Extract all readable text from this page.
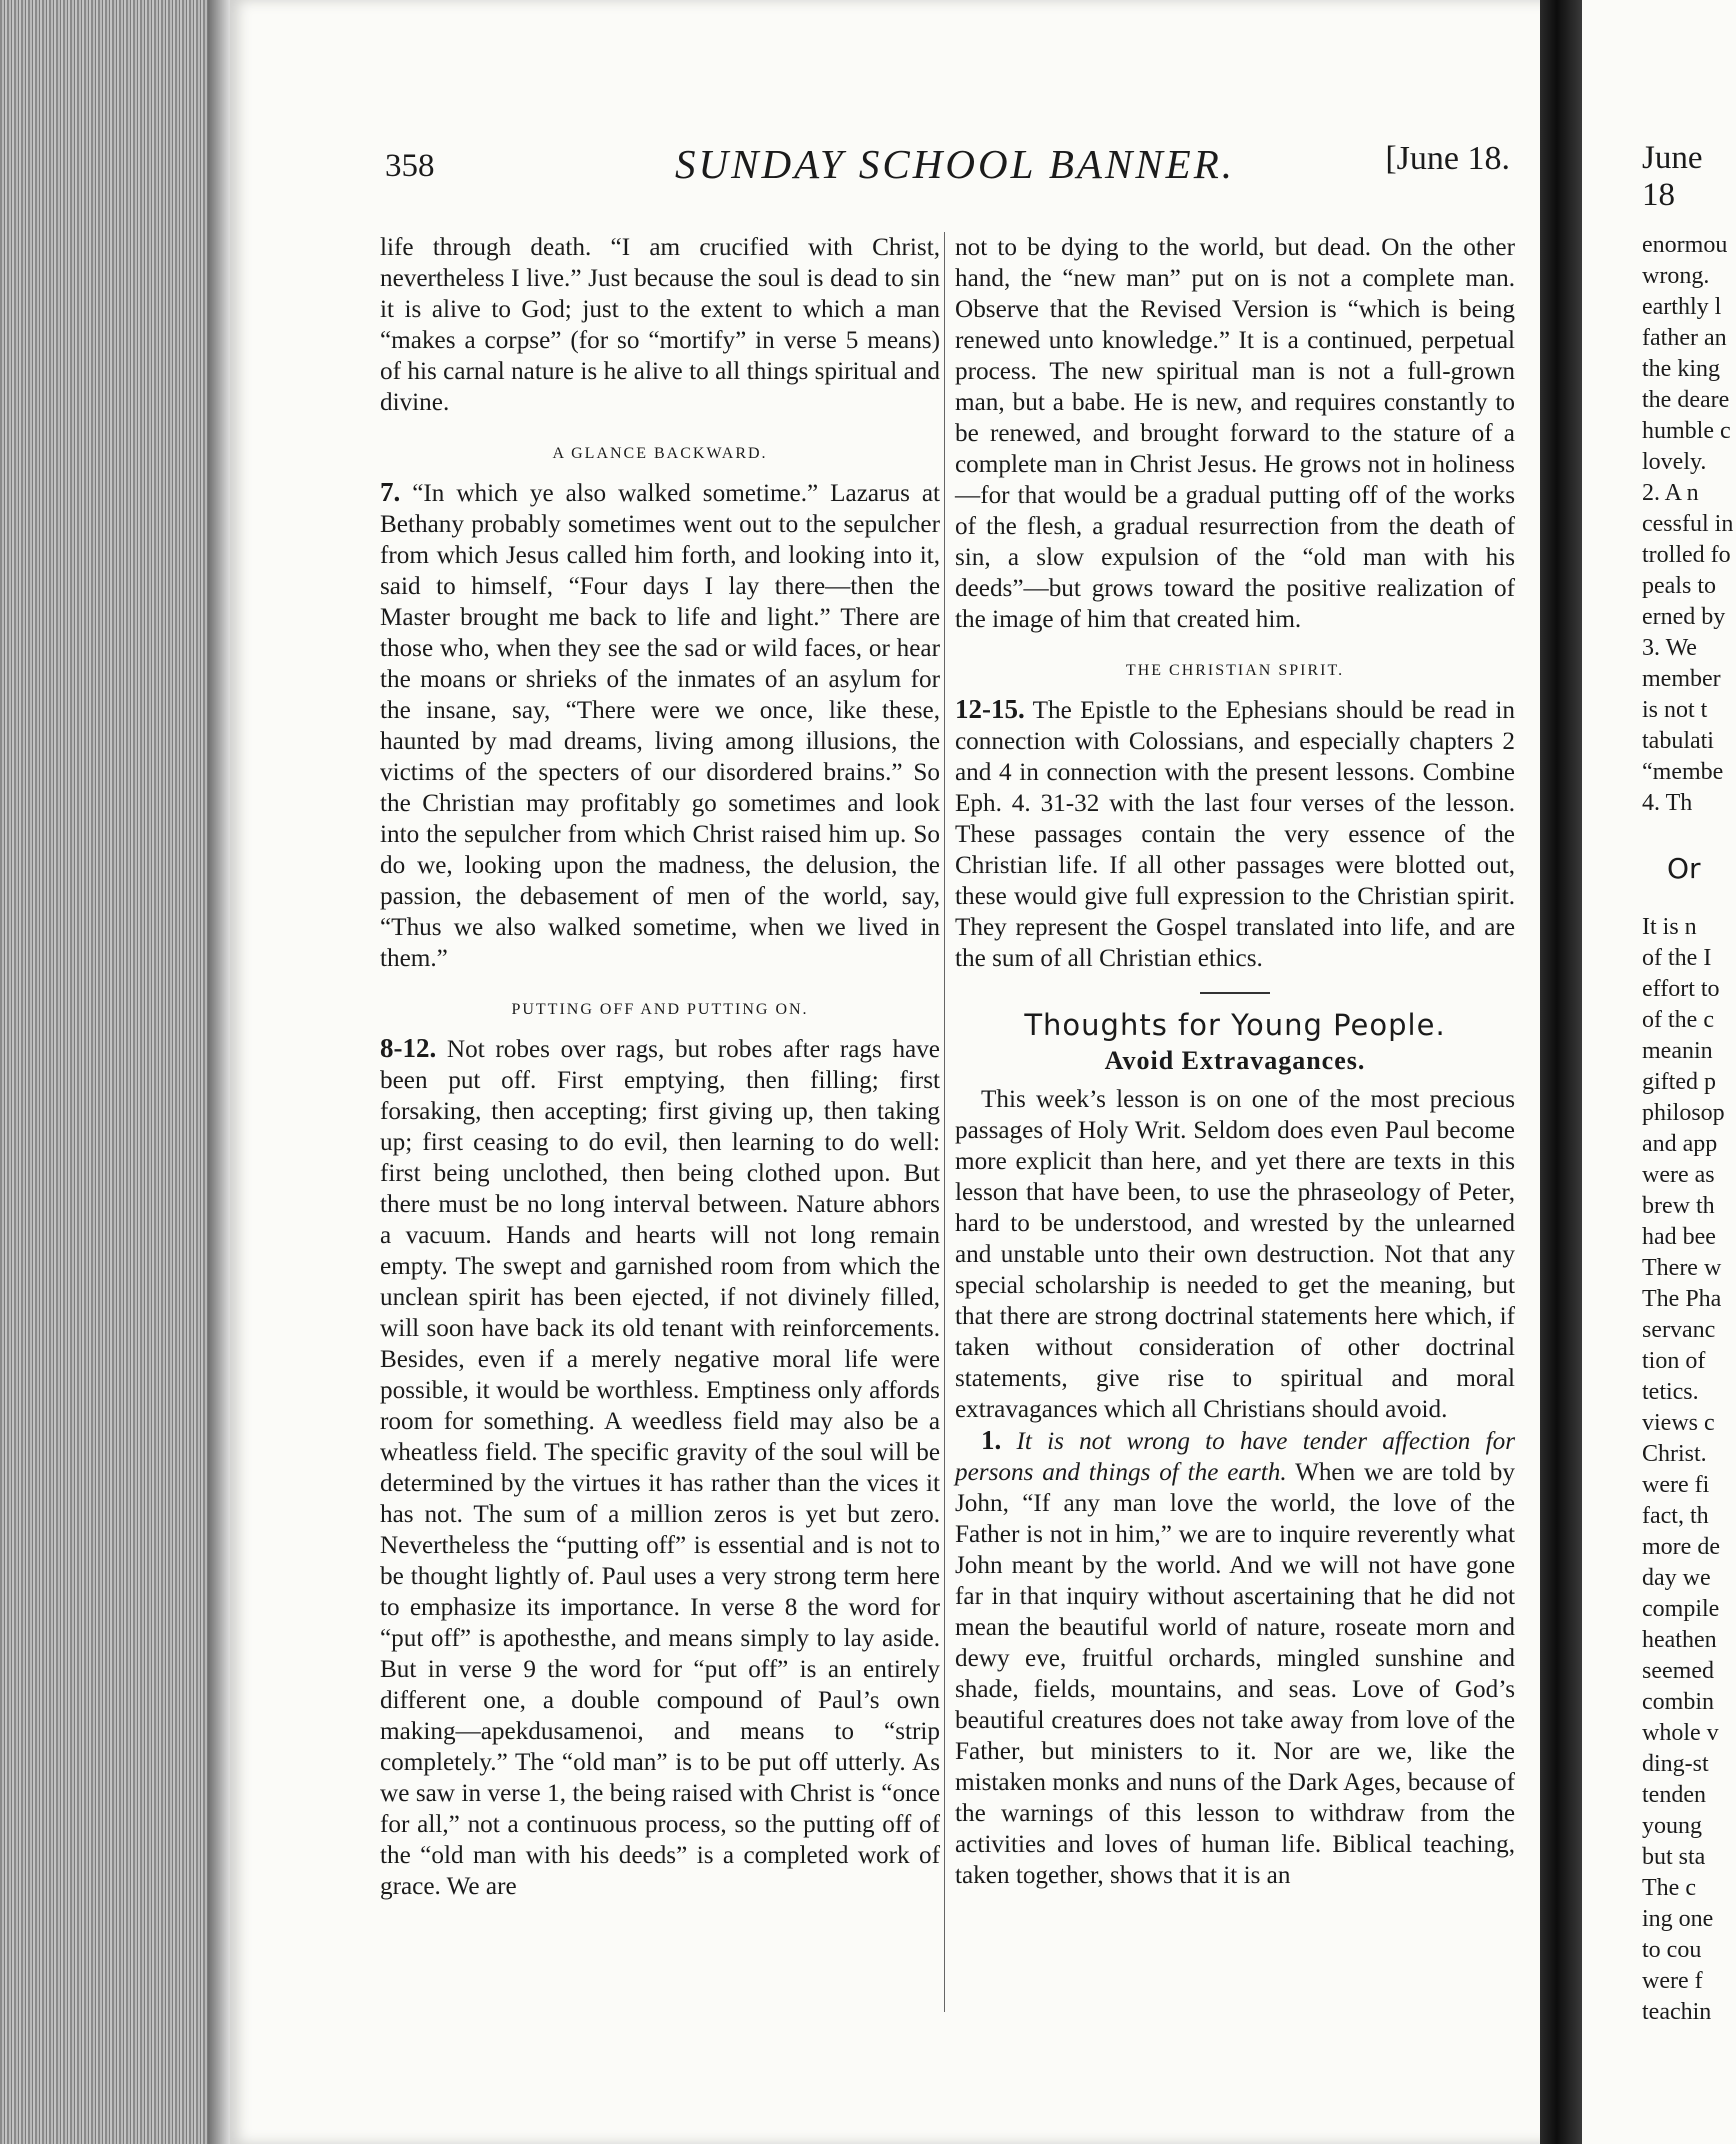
358	SUNDAY SCHOOL BANNER.	[June 18.

life through death. “I am crucified with Christ, nevertheless I live.” Just because the soul is dead to sin it is alive to God; just to the extent to which a man “makes a corpse” (for so “mortify” in verse 5 means) of his carnal nature is he alive to all things spiritual and divine.

A GLANCE BACKWARD.

7. “In which ye also walked sometime.” Lazarus at Bethany probably sometimes went out to the sepulcher from which Jesus called him forth, and looking into it, said to himself, “Four days I lay there—then the Master brought me back to life and light.” There are those who, when they see the sad or wild faces, or hear the moans or shrieks of the inmates of an asylum for the insane, say, “There were we once, like these, haunted by mad dreams, living among illusions, the victims of the specters of our disordered brains.” So the Christian may profitably go sometimes and look into the sepulcher from which Christ raised him up. So do we, looking upon the madness, the delusion, the passion, the debasement of men of the world, say, “Thus we also walked sometime, when we lived in them.”

PUTTING OFF AND PUTTING ON.

8-12. Not robes over rags, but robes after rags have been put off. First emptying, then filling; first forsaking, then accepting; first giving up, then taking up; first ceasing to do evil, then learning to do well: first being unclothed, then being clothed upon. But there must be no long interval between. Nature abhors a vacuum. Hands and hearts will not long remain empty. The swept and garnished room from which the unclean spirit has been ejected, if not divinely filled, will soon have back its old tenant with reinforcements. Besides, even if a merely negative moral life were possible, it would be worthless. Emptiness only affords room for something. A weedless field may also be a wheatless field. The specific gravity of the soul will be determined by the virtues it has rather than the vices it has not. The sum of a million zeros is yet but zero. Nevertheless the “putting off” is essential and is not to be thought lightly of. Paul uses a very strong term here to emphasize its importance. In verse 8 the word for “put off” is apothesthe, and means simply to lay aside. But in verse 9 the word for “put off” is an entirely different one, a double compound of Paul’s own making—apekdusamenoi, and means to “strip completely.” The “old man” is to be put off utterly. As we saw in verse 1, the being raised with Christ is “once for all,” not a continuous process, so the putting off of the “old man with his deeds” is a completed work of grace. We are

not to be dying to the world, but dead. On the other hand, the “new man” put on is not a complete man. Observe that the Revised Version is “which is being renewed unto knowledge.” It is a continued, perpetual process. The new spiritual man is not a full-grown man, but a babe. He is new, and requires constantly to be renewed, and brought forward to the stature of a complete man in Christ Jesus. He grows not in holiness—for that would be a gradual putting off of the works of the flesh, a gradual resurrection from the death of sin, a slow expulsion of the “old man with his deeds”—but grows toward the positive realization of the image of him that created him.

THE CHRISTIAN SPIRIT.

12-15. The Epistle to the Ephesians should be read in connection with Colossians, and especially chapters 2 and 4 in connection with the present lessons. Combine Eph. 4. 31-32 with the last four verses of the lesson. These passages contain the very essence of the Christian life. If all other passages were blotted out, these would give full expression to the Christian spirit. They represent the Gospel translated into life, and are the sum of all Christian ethics.

Thoughts for Young People.
Avoid Extravagances.

This week’s lesson is on one of the most precious passages of Holy Writ. Seldom does even Paul become more explicit than here, and yet there are texts in this lesson that have been, to use the phraseology of Peter, hard to be understood, and wrested by the unlearned and unstable unto their own destruction. Not that any special scholarship is needed to get the meaning, but that there are strong doctrinal statements here which, if taken without consideration of other doctrinal statements, give rise to spiritual and moral extravagances which all Christians should avoid.

1. It is not wrong to have tender affection for persons and things of the earth. When we are told by John, “If any man love the world, the love of the Father is not in him,” we are to inquire reverently what John meant by the world. And we will not have gone far in that inquiry without ascertaining that he did not mean the beautiful world of nature, roseate morn and dewy eve, fruitful orchards, mingled sunshine and shade, fields, mountains, and seas. Love of God’s beautiful creatures does not take away from love of the Father, but ministers to it. Nor are we, like the mistaken monks and nuns of the Dark Ages, because of the warnings of this lesson to withdraw from the activities and loves of human life. Biblical teaching, taken together, shows that it is an

June 18
enormou
wrong.
earthly l
father an
the king
the deare
humble c
lovely.
2. A n
cessful in
trolled fo
peals to
erned by
3. We
member
is not t
tabulati
“membe
4. Th
Or
It is n
of the I
effort to
of the c
meanin
gifted p
philosop
and app
were as
brew th
had bee
There w
The Pha
servanc
tion of
tetics.
views c
Christ.
were fi
fact, th
more de
day we
compile
heathen
seemed
combin
whole v
ding-st
tenden
young
but sta
The c
ing one
to cou
were f
teachin
